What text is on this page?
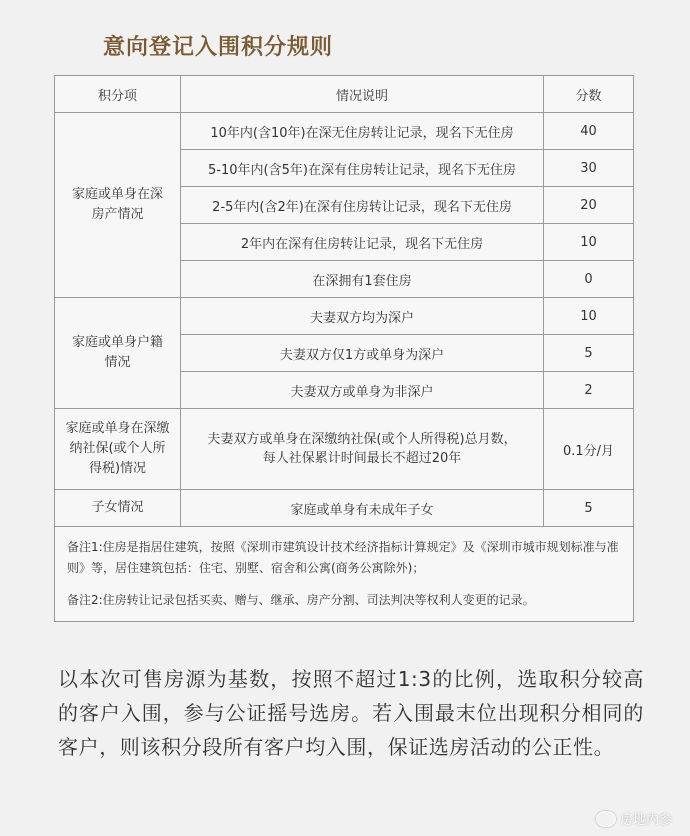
意向登记入围积分规则
积分项	情况说明	分数

家庭或单身在深房产情况	10年内(含10年)在深无住房转让记录，现名下无住房	40
	5-10年内(含5年)在深有住房转让记录，现名下无住房	30
	2-5年内(含2年)在深有住房转让记录，现名下无住房	20
	2年内在深有住房转让记录，现名下无住房	10
	在深拥有1套住房	0

家庭或单身户籍情况	夫妻双方均为深户	10
	夫妻双方仅1方或单身为深户	5
	夫妻双方或单身为非深户	2

家庭或单身在深缴纳社保(或个人所得税)情况	夫妻双方或单身在深缴纳社保(或个人所得税)总月数，
每人社保累计时间最长不超过20年	0.1分/月
子女情况	家庭或单身有未成年子女	5

备注1:住房是指居住建筑，按照《深圳市建筑设计技术经济指标计算规定》及《深圳市城市规划标准与准则》等，居住建筑包括：住宅、别墅、宿舍和公寓(商务公寓除外)；

备注2:住房转让记录包括买卖、赠与、继承、房产分割、司法判决等权利人变更的记录。		

以本次可售房源为基数，按照不超过1:3的比例，选取积分较高的客户入围，参与公证摇号选房。若入围最末位出现积分相同的客户，则该积分段所有客户均入围，保证选房活动的公正性。
房地内参
